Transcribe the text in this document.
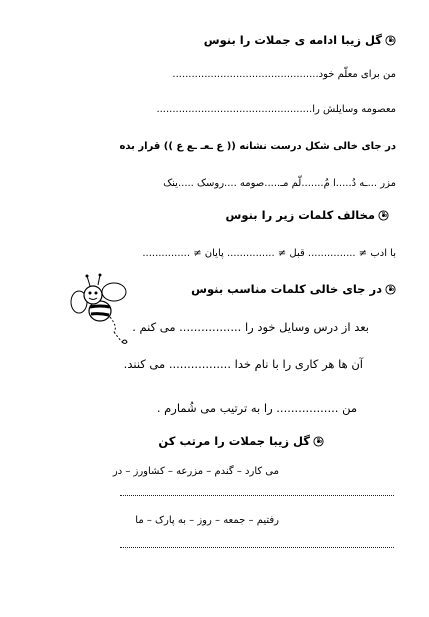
گل زیبا ادامه ی جملات را بنوس
من برای معلّم خود..............................................
معصومه وسایلش را.................................................
در جای خالی شکل درست نشانه (( ع ـعـ ـع ع )) قرار بده
مزر ...ـه دُ.....ا مُ.......لّم مـ.....صومه ....روسک .....ینک
مخالف کلمات زیر را بنوس
با ادب ≠ ............... قبل ≠ ............... پایان ≠ ...............
در جای خالی کلمات مناسب بنوس
بعد از درس وسایل خود را ................. می کنم .
آن ها هر کاری را با نام خدا ................. می کنند.
من ................. را به ترتیب می شُمارم .
گل زیبا جملات را مرتب کن
می کارد – گندم – مزرعه – کشاورز – در
رفتیم – جمعه – روز – به پارک – ما
